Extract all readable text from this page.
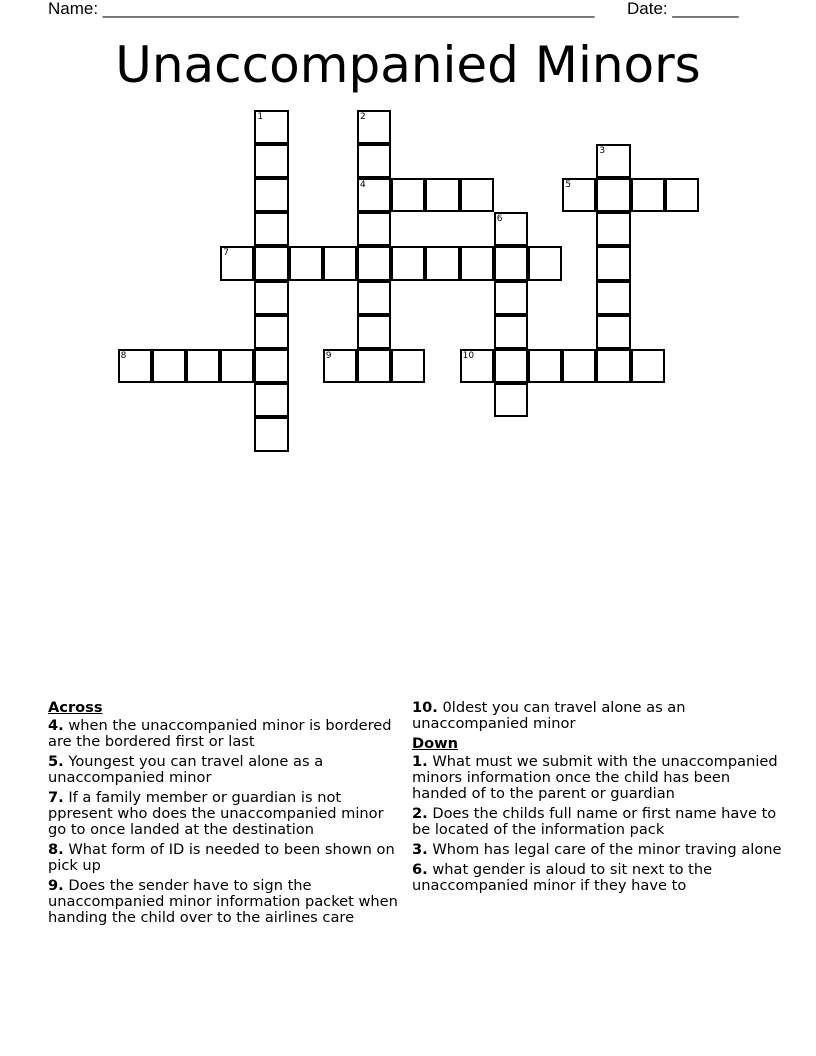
Name: ____________________________________________________ Date: _______
Unaccompanied Minors
1	2
4
3
5
6
7
8	9	10
Across
4. when the unaccompanied minor is bordered are the bordered first or last
5. Youngest you can travel alone as a unaccompanied minor
7. If a family member or guardian is not ppresent who does the unaccompanied minor go to once landed at the destination
8. What form of ID is needed to been shown on pick up
9. Does the sender have to sign the unaccompanied minor information packet when handing the child over to the airlines care
10. 0ldest you can travel alone as an unaccompanied minor
Down
1. What must we submit with the unaccompanied minors information once the child has been handed of to the parent or guardian
2. Does the childs full name or first name have to be located of the information pack
3. Whom has legal care of the minor traving alone
6. what gender is aloud to sit next to the unaccompanied minor if they have to
